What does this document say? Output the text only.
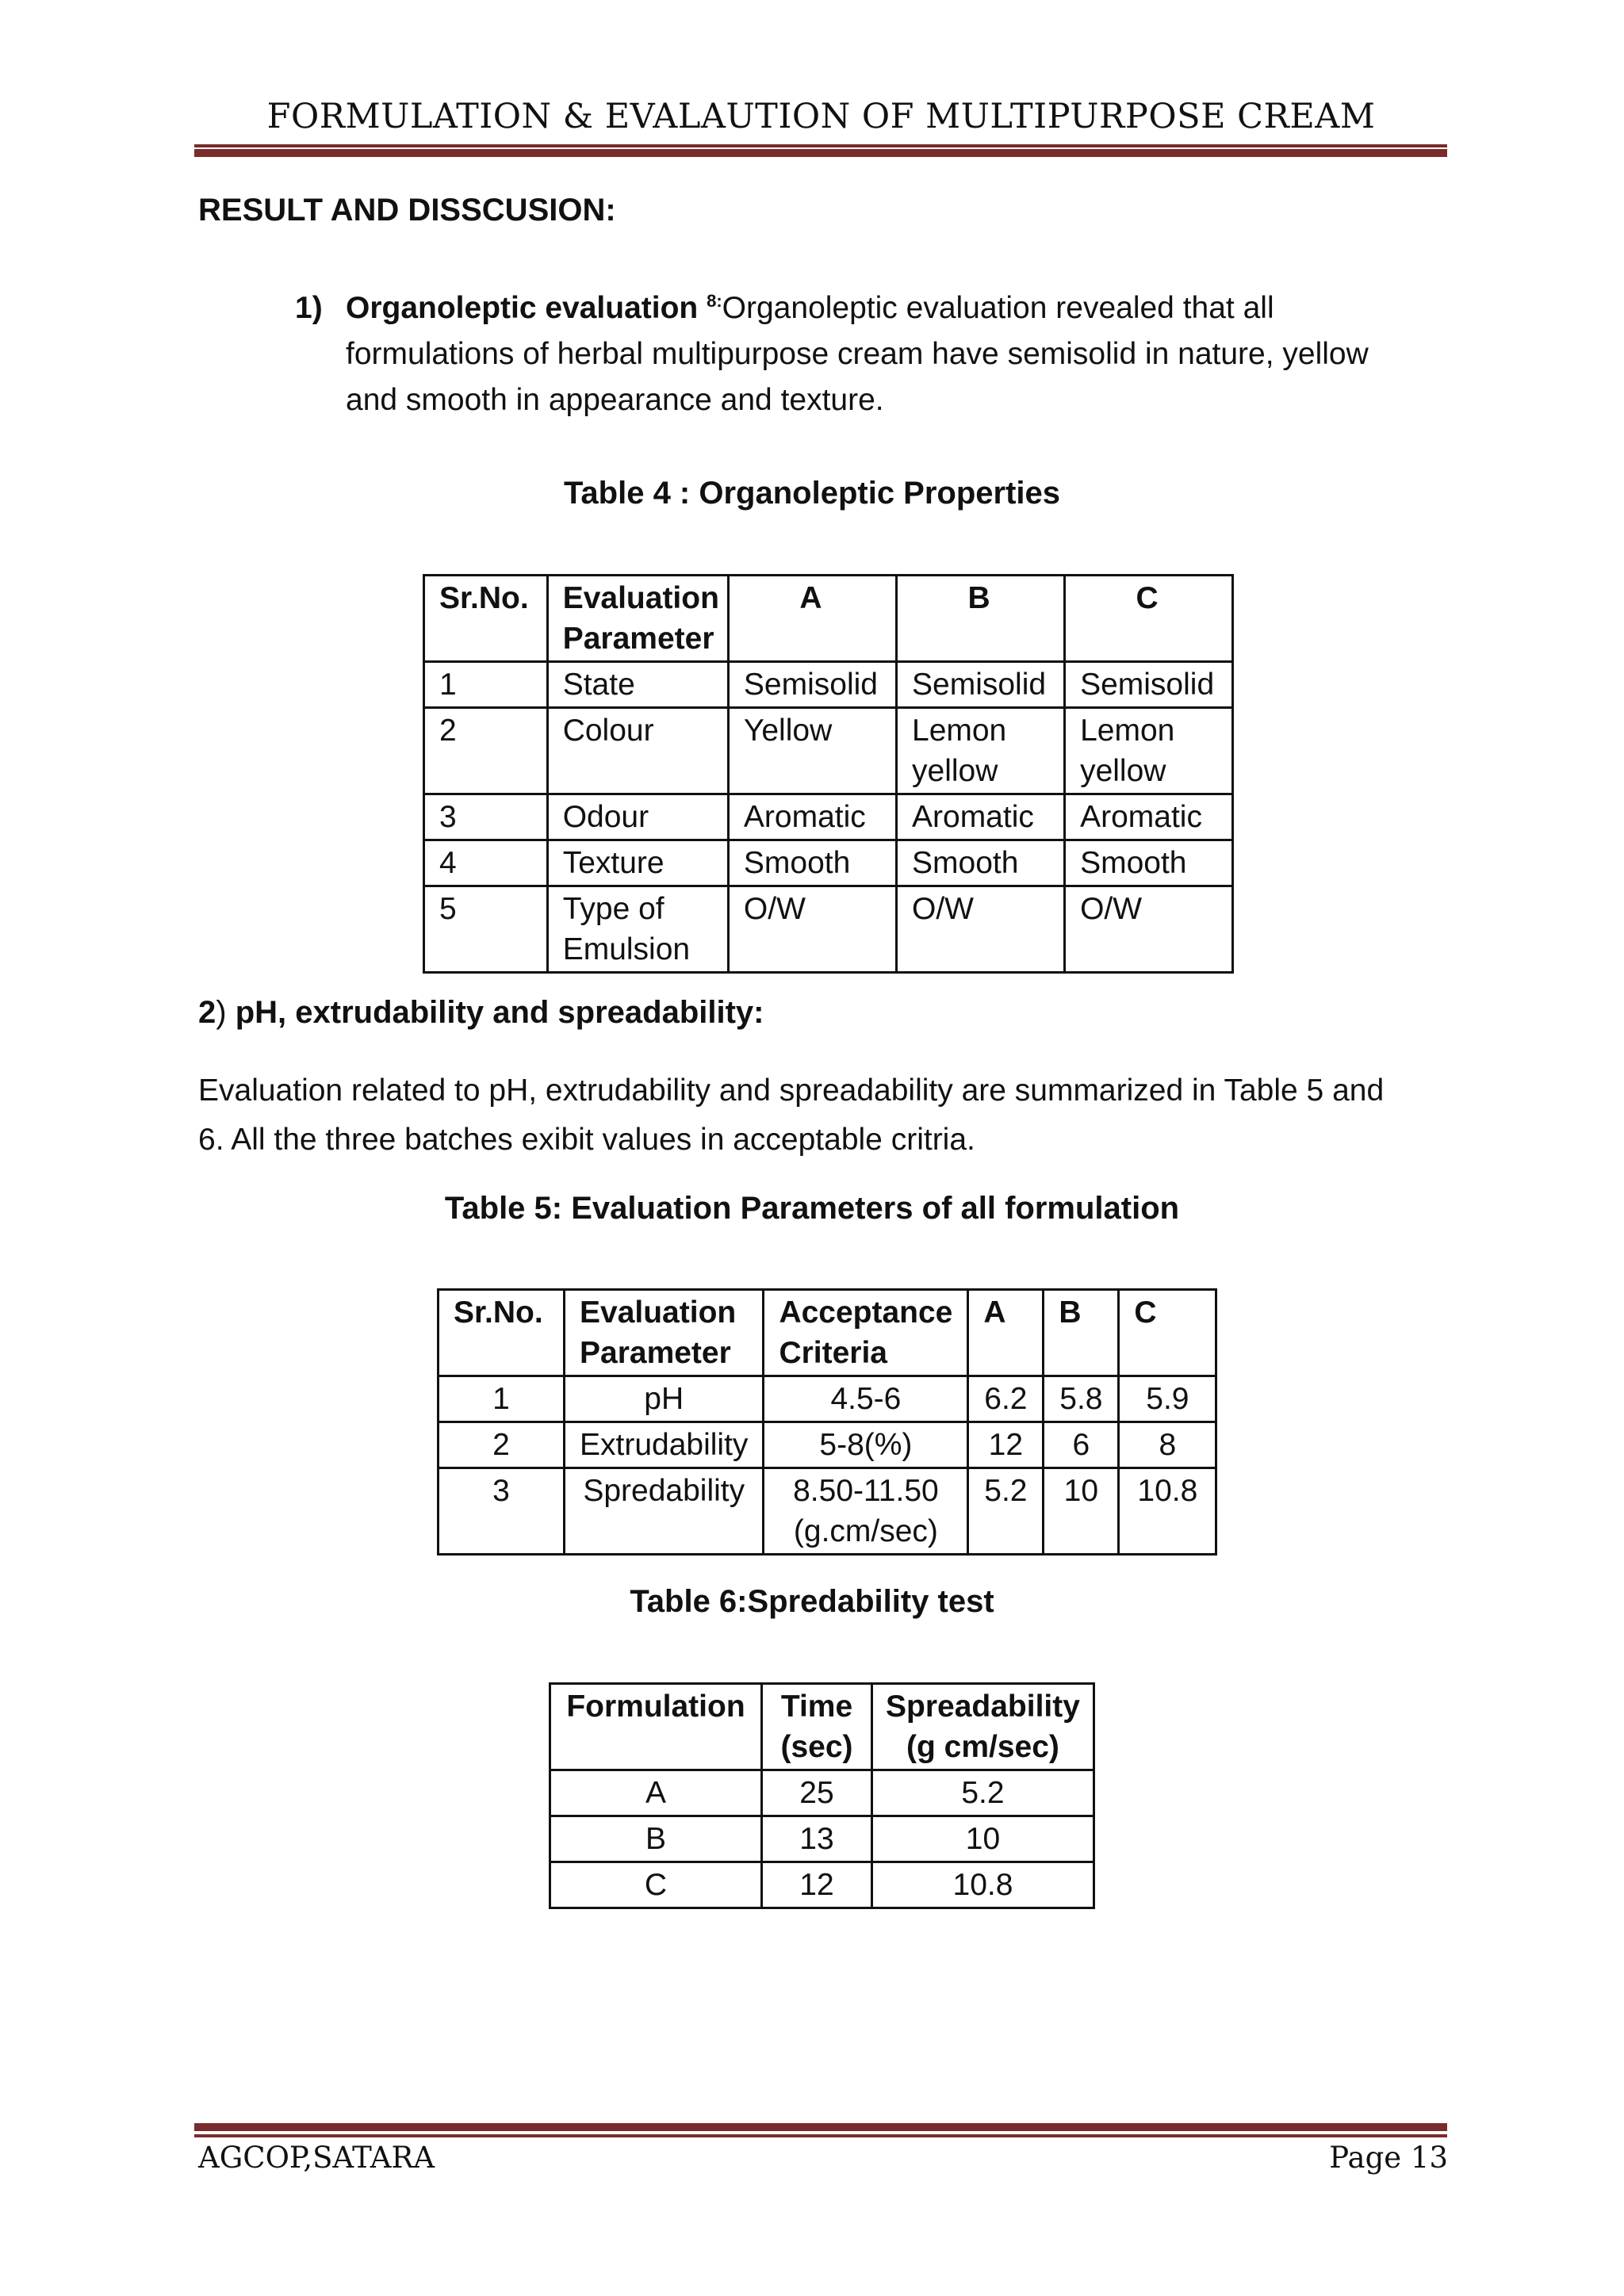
FORMULATION & EVALAUTION OF MULTIPURPOSE CREAM
RESULT AND DISSCUSION:
1) Organoleptic evaluation $^{8:}$Organoleptic evaluation revealed that all formulations of herbal multipurpose cream have semisolid in nature, yellow and smooth in appearance and texture.
Table 4 : Organoleptic Properties
Sr.No.	Evaluation Parameter	A	B	C
1	State	Semisolid	Semisolid	Semisolid
2	Colour	Yellow	Lemon yellow	Lemon yellow
3	Odour	Aromatic	Aromatic	Aromatic
4	Texture	Smooth	Smooth	Smooth
5	Type of Emulsion	O/W	O/W	O/W
2) pH, extrudability and spreadability:
Evaluation related to pH, extrudability and spreadability are summarized in Table 5 and 6. All the three batches exibit values in acceptable critria.
Table 5: Evaluation Parameters of all formulation
Sr.No.	Evaluation Parameter	Acceptance Criteria	A	B	C
1	pH	4.5-6	6.2	5.8	5.9
2	Extrudability	5-8(%)	12	6	8
3	Spredability	8.50-11.50 (g.cm/sec)	5.2	10	10.8
Table 6:Spredability test
Formulation	Time (sec)	Spreadability (g cm/sec)
A	25	5.2
B	13	10
C	12	10.8
AGCOP,SATARA	Page 13
